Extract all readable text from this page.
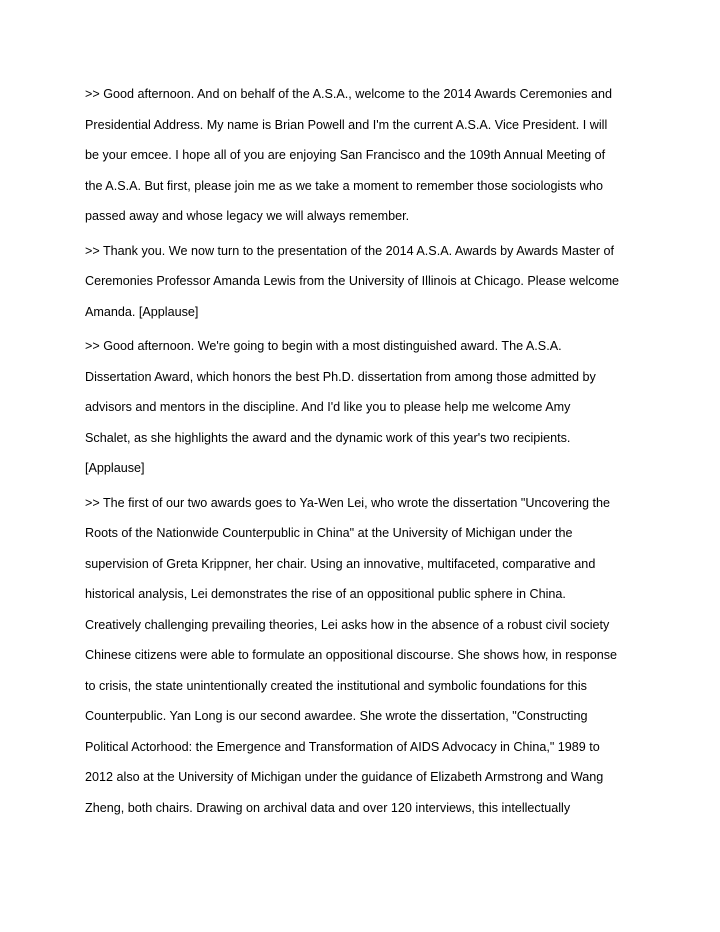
>> Good afternoon. And on behalf of the A.S.A., welcome to the 2014 Awards Ceremonies and
Presidential Address. My name is Brian Powell and I'm the current A.S.A. Vice President. I will
be your emcee. I hope all of you are enjoying San Francisco and the 109th Annual Meeting of
the A.S.A. But first, please join me as we take a moment to remember those sociologists who
passed away and whose legacy we will always remember.

>> Thank you. We now turn to the presentation of the 2014 A.S.A. Awards by Awards Master of
Ceremonies Professor Amanda Lewis from the University of Illinois at Chicago. Please welcome
Amanda. [Applause]

>> Good afternoon. We're going to begin with a most distinguished award. The A.S.A.
Dissertation Award, which honors the best Ph.D. dissertation from among those admitted by
advisors and mentors in the discipline. And I'd like you to please help me welcome Amy
Schalet, as she highlights the award and the dynamic work of this year's two recipients.
[Applause]

>> The first of our two awards goes to Ya-Wen Lei, who wrote the dissertation "Uncovering the
Roots of the Nationwide Counterpublic in China" at the University of Michigan under the
supervision of Greta Krippner, her chair. Using an innovative, multifaceted, comparative and
historical analysis, Lei demonstrates the rise of an oppositional public sphere in China.
Creatively challenging prevailing theories, Lei asks how in the absence of a robust civil society
Chinese citizens were able to formulate an oppositional discourse. She shows how, in response
to crisis, the state unintentionally created the institutional and symbolic foundations for this
Counterpublic. Yan Long is our second awardee. She wrote the dissertation, "Constructing
Political Actorhood: the Emergence and Transformation of AIDS Advocacy in China," 1989 to
2012 also at the University of Michigan under the guidance of Elizabeth Armstrong and Wang
Zheng, both chairs. Drawing on archival data and over 120 interviews, this intellectually
